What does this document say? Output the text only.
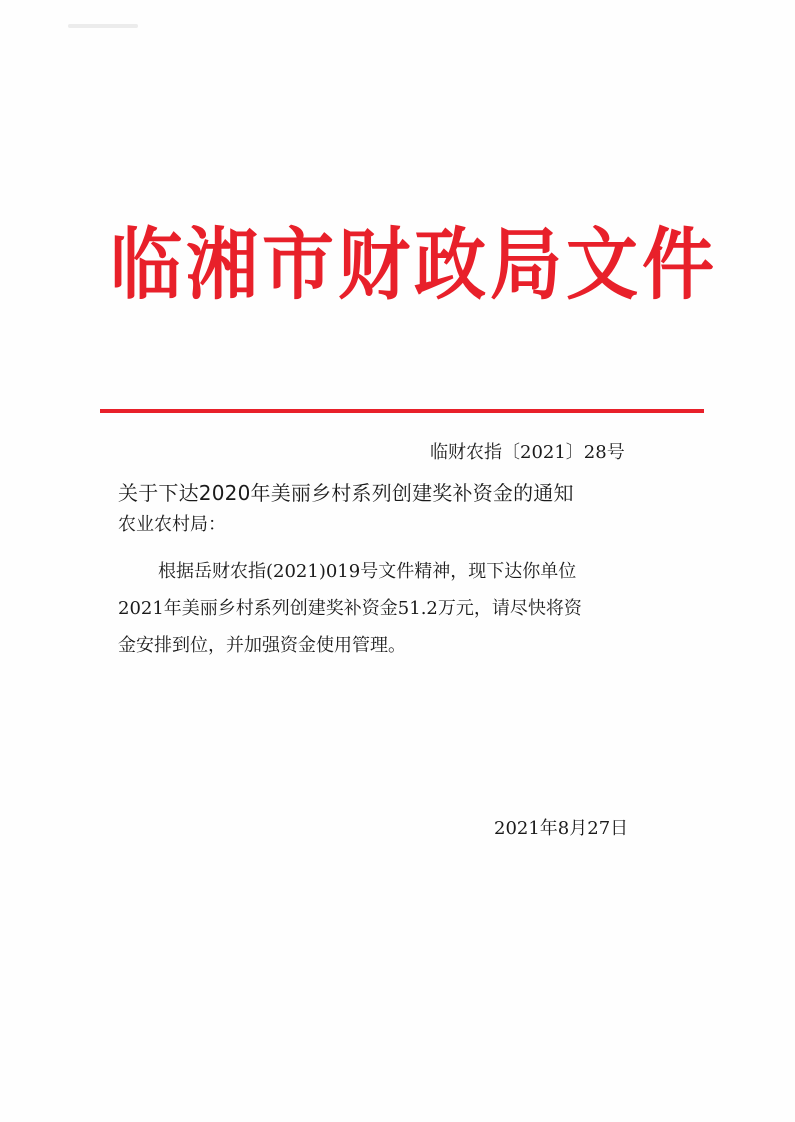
临湘市财政局文件
临财农指〔2021〕28号
关于下达2020年美丽乡村系列创建奖补资金的通知
农业农村局：
根据岳财农指(2021)019号文件精神，现下达你单位
2021年美丽乡村系列创建奖补资金51.2万元，请尽快将资
金安排到位，并加强资金使用管理。
2021年8月27日
